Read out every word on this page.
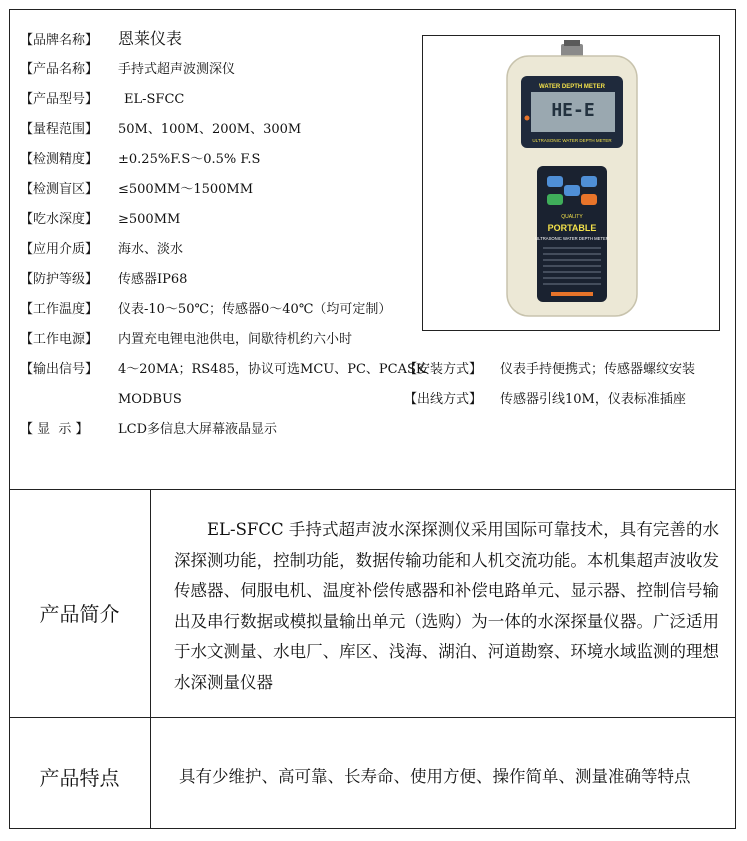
【品牌名称】 恩莱仪表
【产品名称】 手持式超声波测深仪
【产品型号】 EL-SFCC
【量程范围】 50M、100M、200M、300M
【检测精度】 ±0.25%F.S～0.5% F.S
【检测盲区】 ≤500MM～1500MM
【吃水深度】 ≥500MM
【应用介质】 海水、淡水
【防护等级】 传感器IP68
【工作温度】 仪表-10～50℃；传感器0～40℃（均可定制）
【工作电源】 内置充电锂电池供电，间歇待机约六小时
【输出信号】 4～20MA；RS485，协议可选MCU、PC、PCASK
MODBUS
【 显  示 】 LCD多信息大屏幕液晶显示
【安装方式】 仪表手持便携式；传感器螺纹安装
【出线方式】 传感器引线10M，仪表标准插座
WATER DEPTH METER
HE-E
ULTRASONIC WATER DEPTH METER
QUALITY
PORTABLE
ULTRASONIC WATER DEPTH METER
产品简介
EL-SFCC 手持式超声波水深探测仪采用国际可靠技术，具有完善的水深探测功能，控制功能，数据传输功能和人机交流功能。本机集超声波收发传感器、伺服电机、温度补偿传感器和补偿电路单元、显示器、控制信号输出及串行数据或模拟量输出单元（选购）为一体的水深探量仪器。广泛适用于水文测量、水电厂、库区、浅海、湖泊、河道勘察、环境水域监测的理想水深测量仪器
产品特点	具有少维护、高可靠、长寿命、使用方便、操作简单、测量准确等特点
